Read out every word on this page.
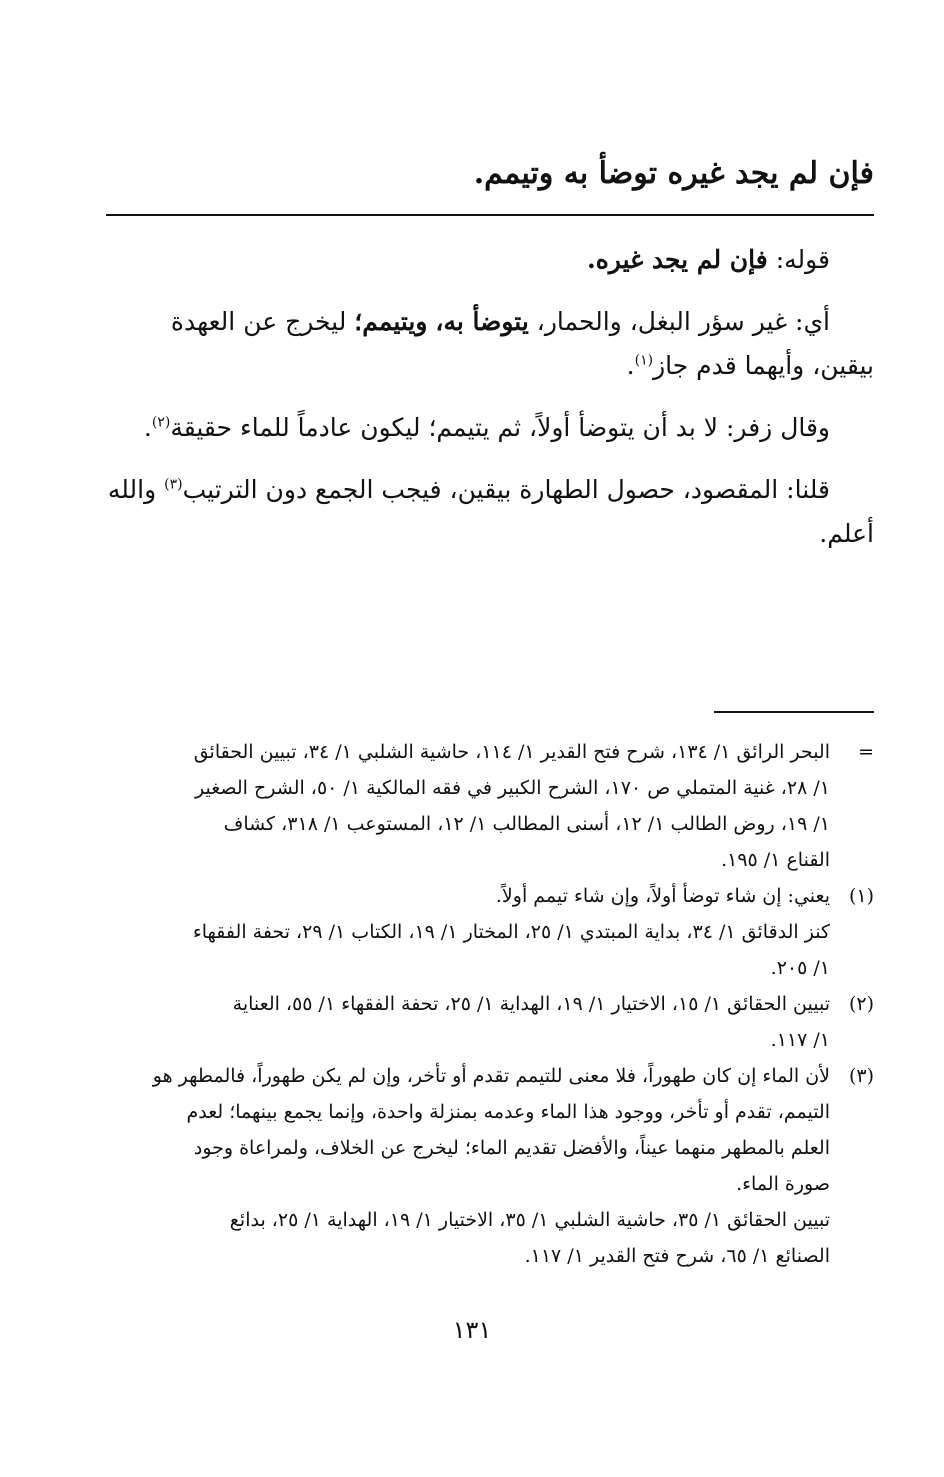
فإن لم يجد غيره توضأ به وتيمم.

قوله: فإن لم يجد غيره.

أي: غير سؤر البغل، والحمار، يتوضأ به، ويتيمم؛ ليخرج عن العهدة بيقين، وأيهما قدم جاز$^{(١)}$.

وقال زفر: لا بد أن يتوضأ أولاً، ثم يتيمم؛ ليكون عادماً للماء حقيقة$^{(٢)}$.

قلنا: المقصود، حصول الطهارة بيقين، فيجب الجمع دون الترتيب$^{(٣)}$ والله أعلم.

=
البحر الرائق ١/ ١٣٤، شرح فتح القدير ١/ ١١٤، حاشية الشلبي ١/ ٣٤، تبيين الحقائق
١/ ٢٨، غنية المتملي ص ١٧٠، الشرح الكبير في فقه المالكية ١/ ٥٠، الشرح الصغير
١/ ١٩، روض الطالب ١/ ١٢، أسنى المطالب ١/ ١٢، المستوعب ١/ ٣١٨، كشاف
القناع ١/ ١٩٥.
(١)
يعني: إن شاء توضأ أولاً، وإن شاء تيمم أولاً.
كنز الدقائق ١/ ٣٤، بداية المبتدي ١/ ٢٥، المختار ١/ ١٩، الكتاب ١/ ٢٩، تحفة الفقهاء
١/ ٢٠٥.
(٢)
تبيين الحقائق ١/ ١٥، الاختيار ١/ ١٩، الهداية ١/ ٢٥، تحفة الفقهاء ١/ ٥٥، العناية
١/ ١١٧.
(٣)
لأن الماء إن كان طهوراً، فلا معنى للتيمم تقدم أو تأخر، وإن لم يكن طهوراً، فالمطهر هو
التيمم، تقدم أو تأخر، ووجود هذا الماء وعدمه بمنزلة واحدة، وإنما يجمع بينهما؛ لعدم
العلم بالمطهر منهما عيناً، والأفضل تقديم الماء؛ ليخرج عن الخلاف، ولمراعاة وجود
صورة الماء.
تبيين الحقائق ١/ ٣٥، حاشية الشلبي ١/ ٣٥، الاختيار ١/ ١٩، الهداية ١/ ٢٥، بدائع
الصنائع ١/ ٦٥، شرح فتح القدير ١/ ١١٧.
١٣١
